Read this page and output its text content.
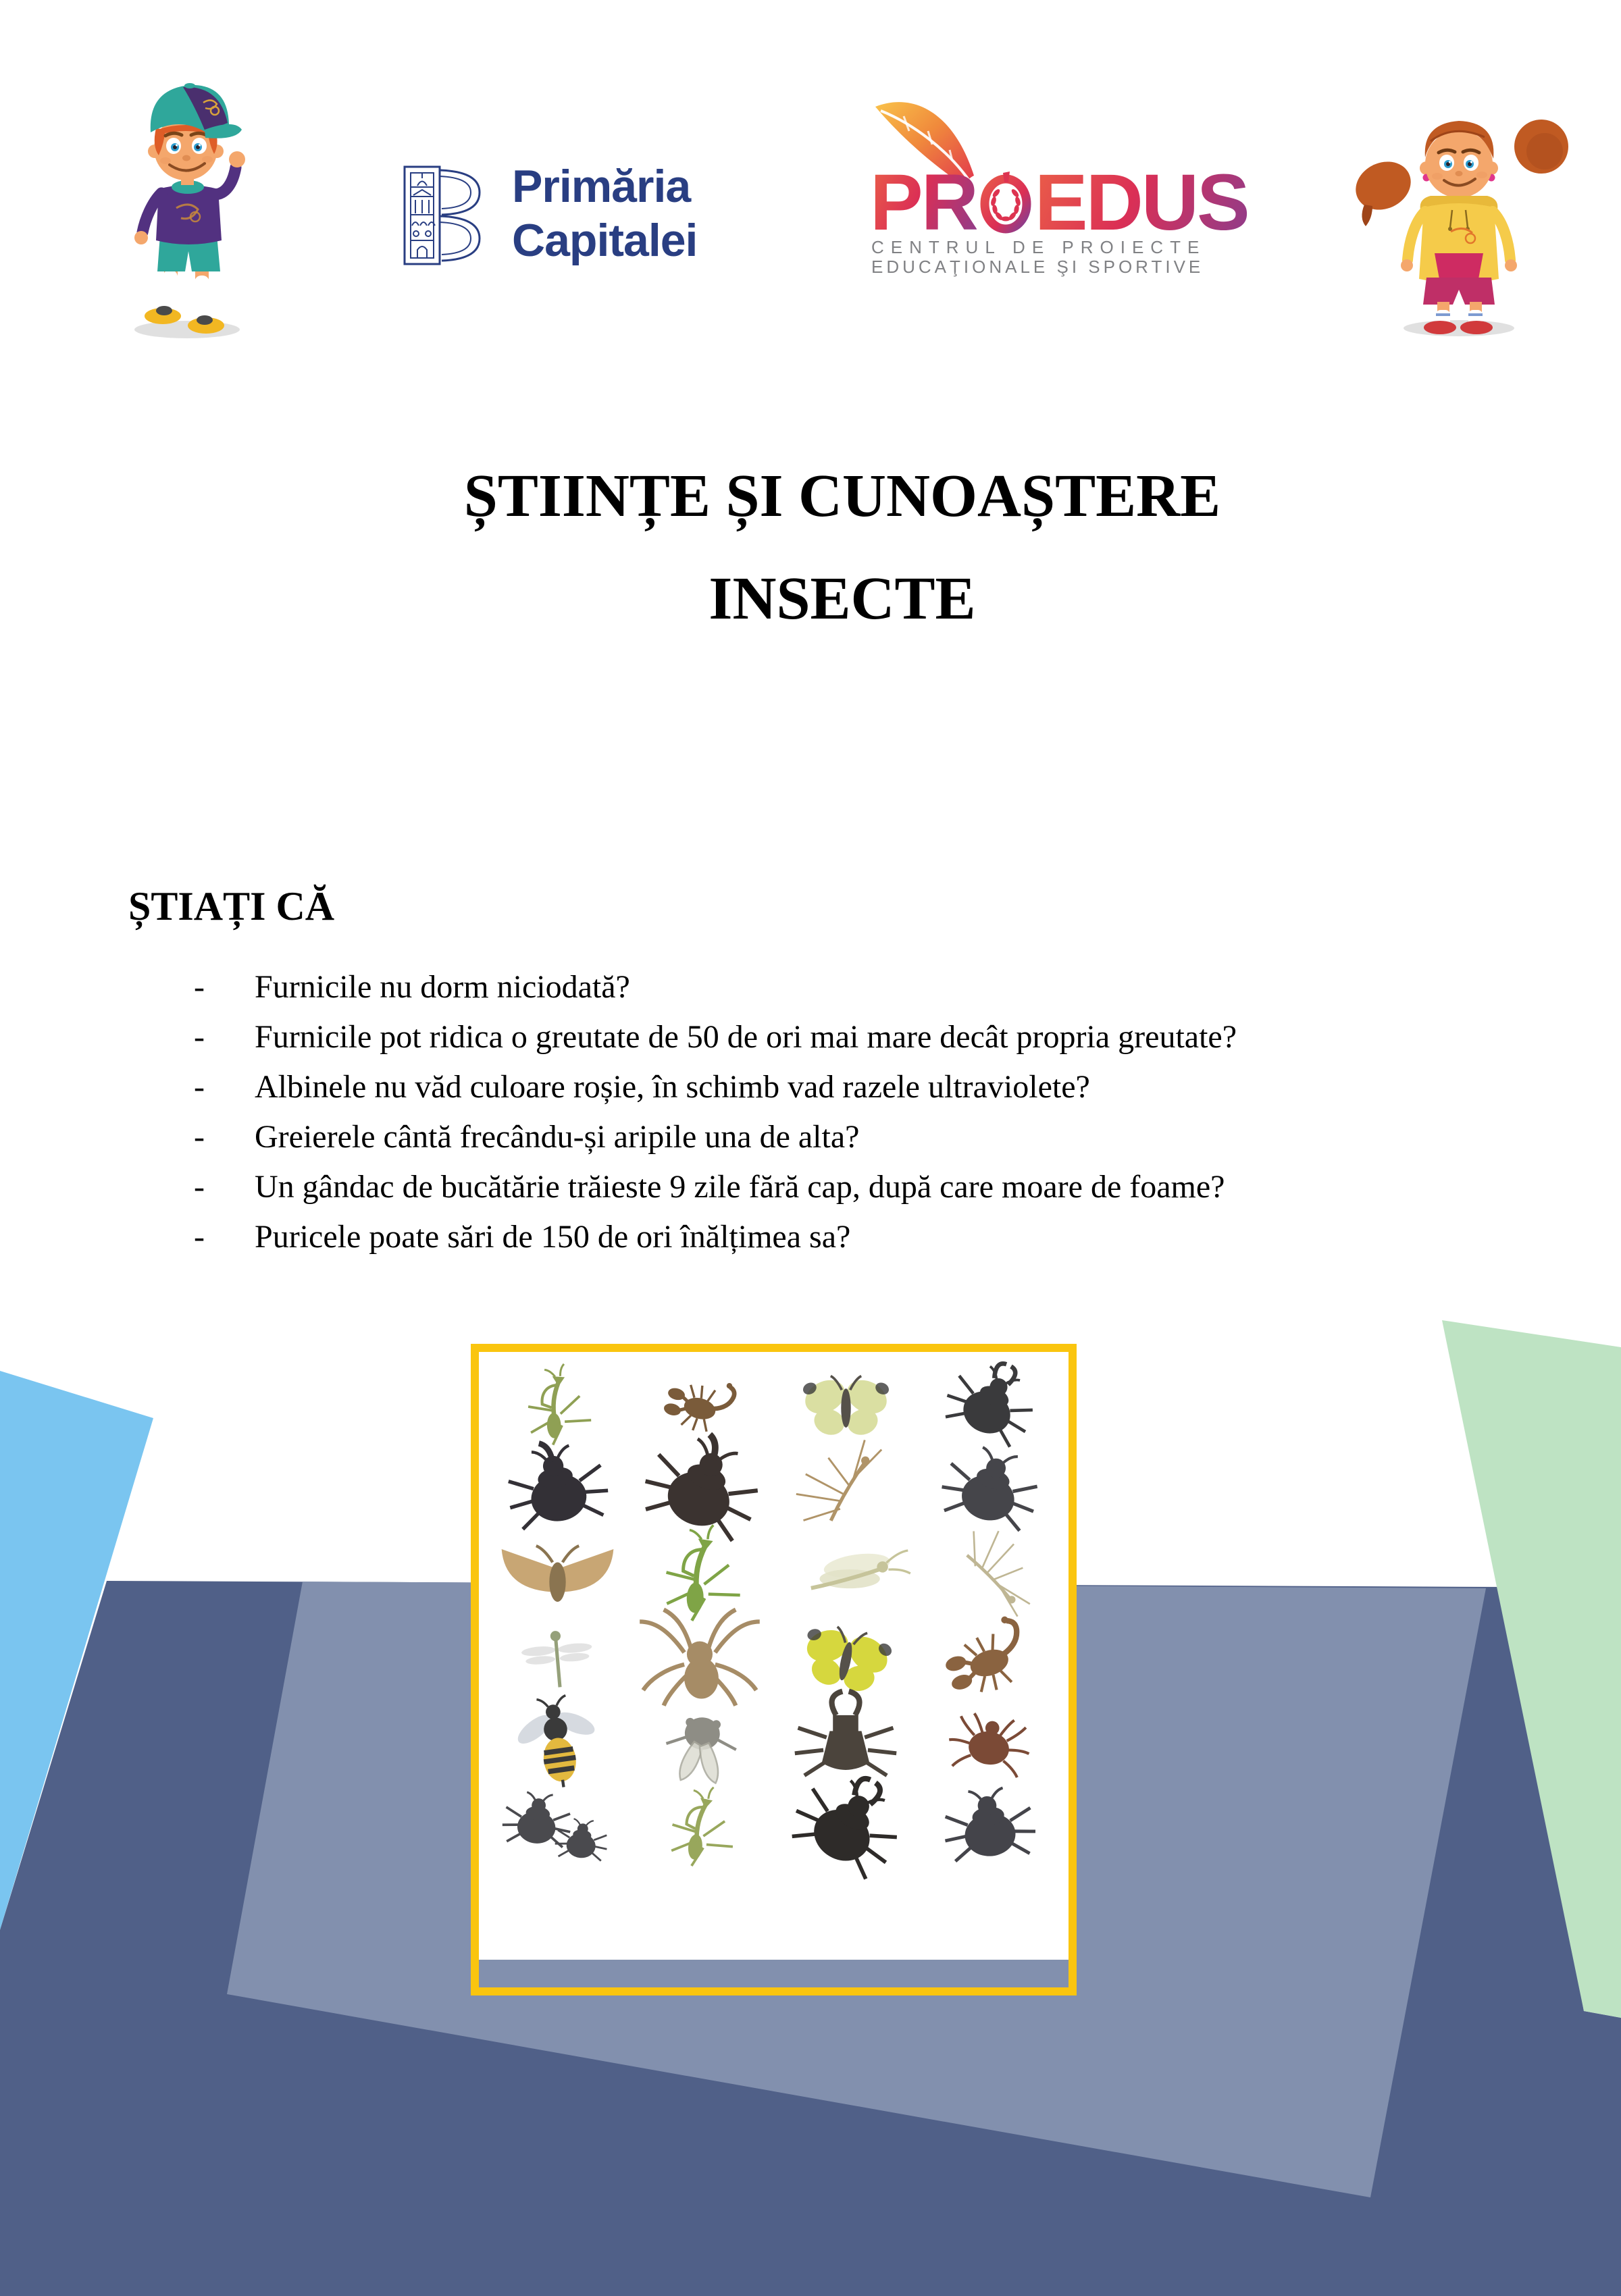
Primăria
Capitalei PR EDUS
CENTRUL DE PROIECTE
EDUCAŢIONALE ŞI SPORTIVE
ȘTIINȚE ȘI CUNOAȘTERE
INSECTE
ȘTIAȚI CĂ
- Furnicile nu dorm niciodată?
- Furnicile pot ridica o greutate de 50 de ori mai mare decât propria greutate?
- Albinele nu văd culoare roșie, în schimb vad razele ultraviolete?
- Greierele cântă frecându-și aripile una de alta?
- Un gândac de bucătărie trăieste 9 zile fără cap, după care moare de foame?
- Puricele poate sări de 150 de ori înălțimea sa?
